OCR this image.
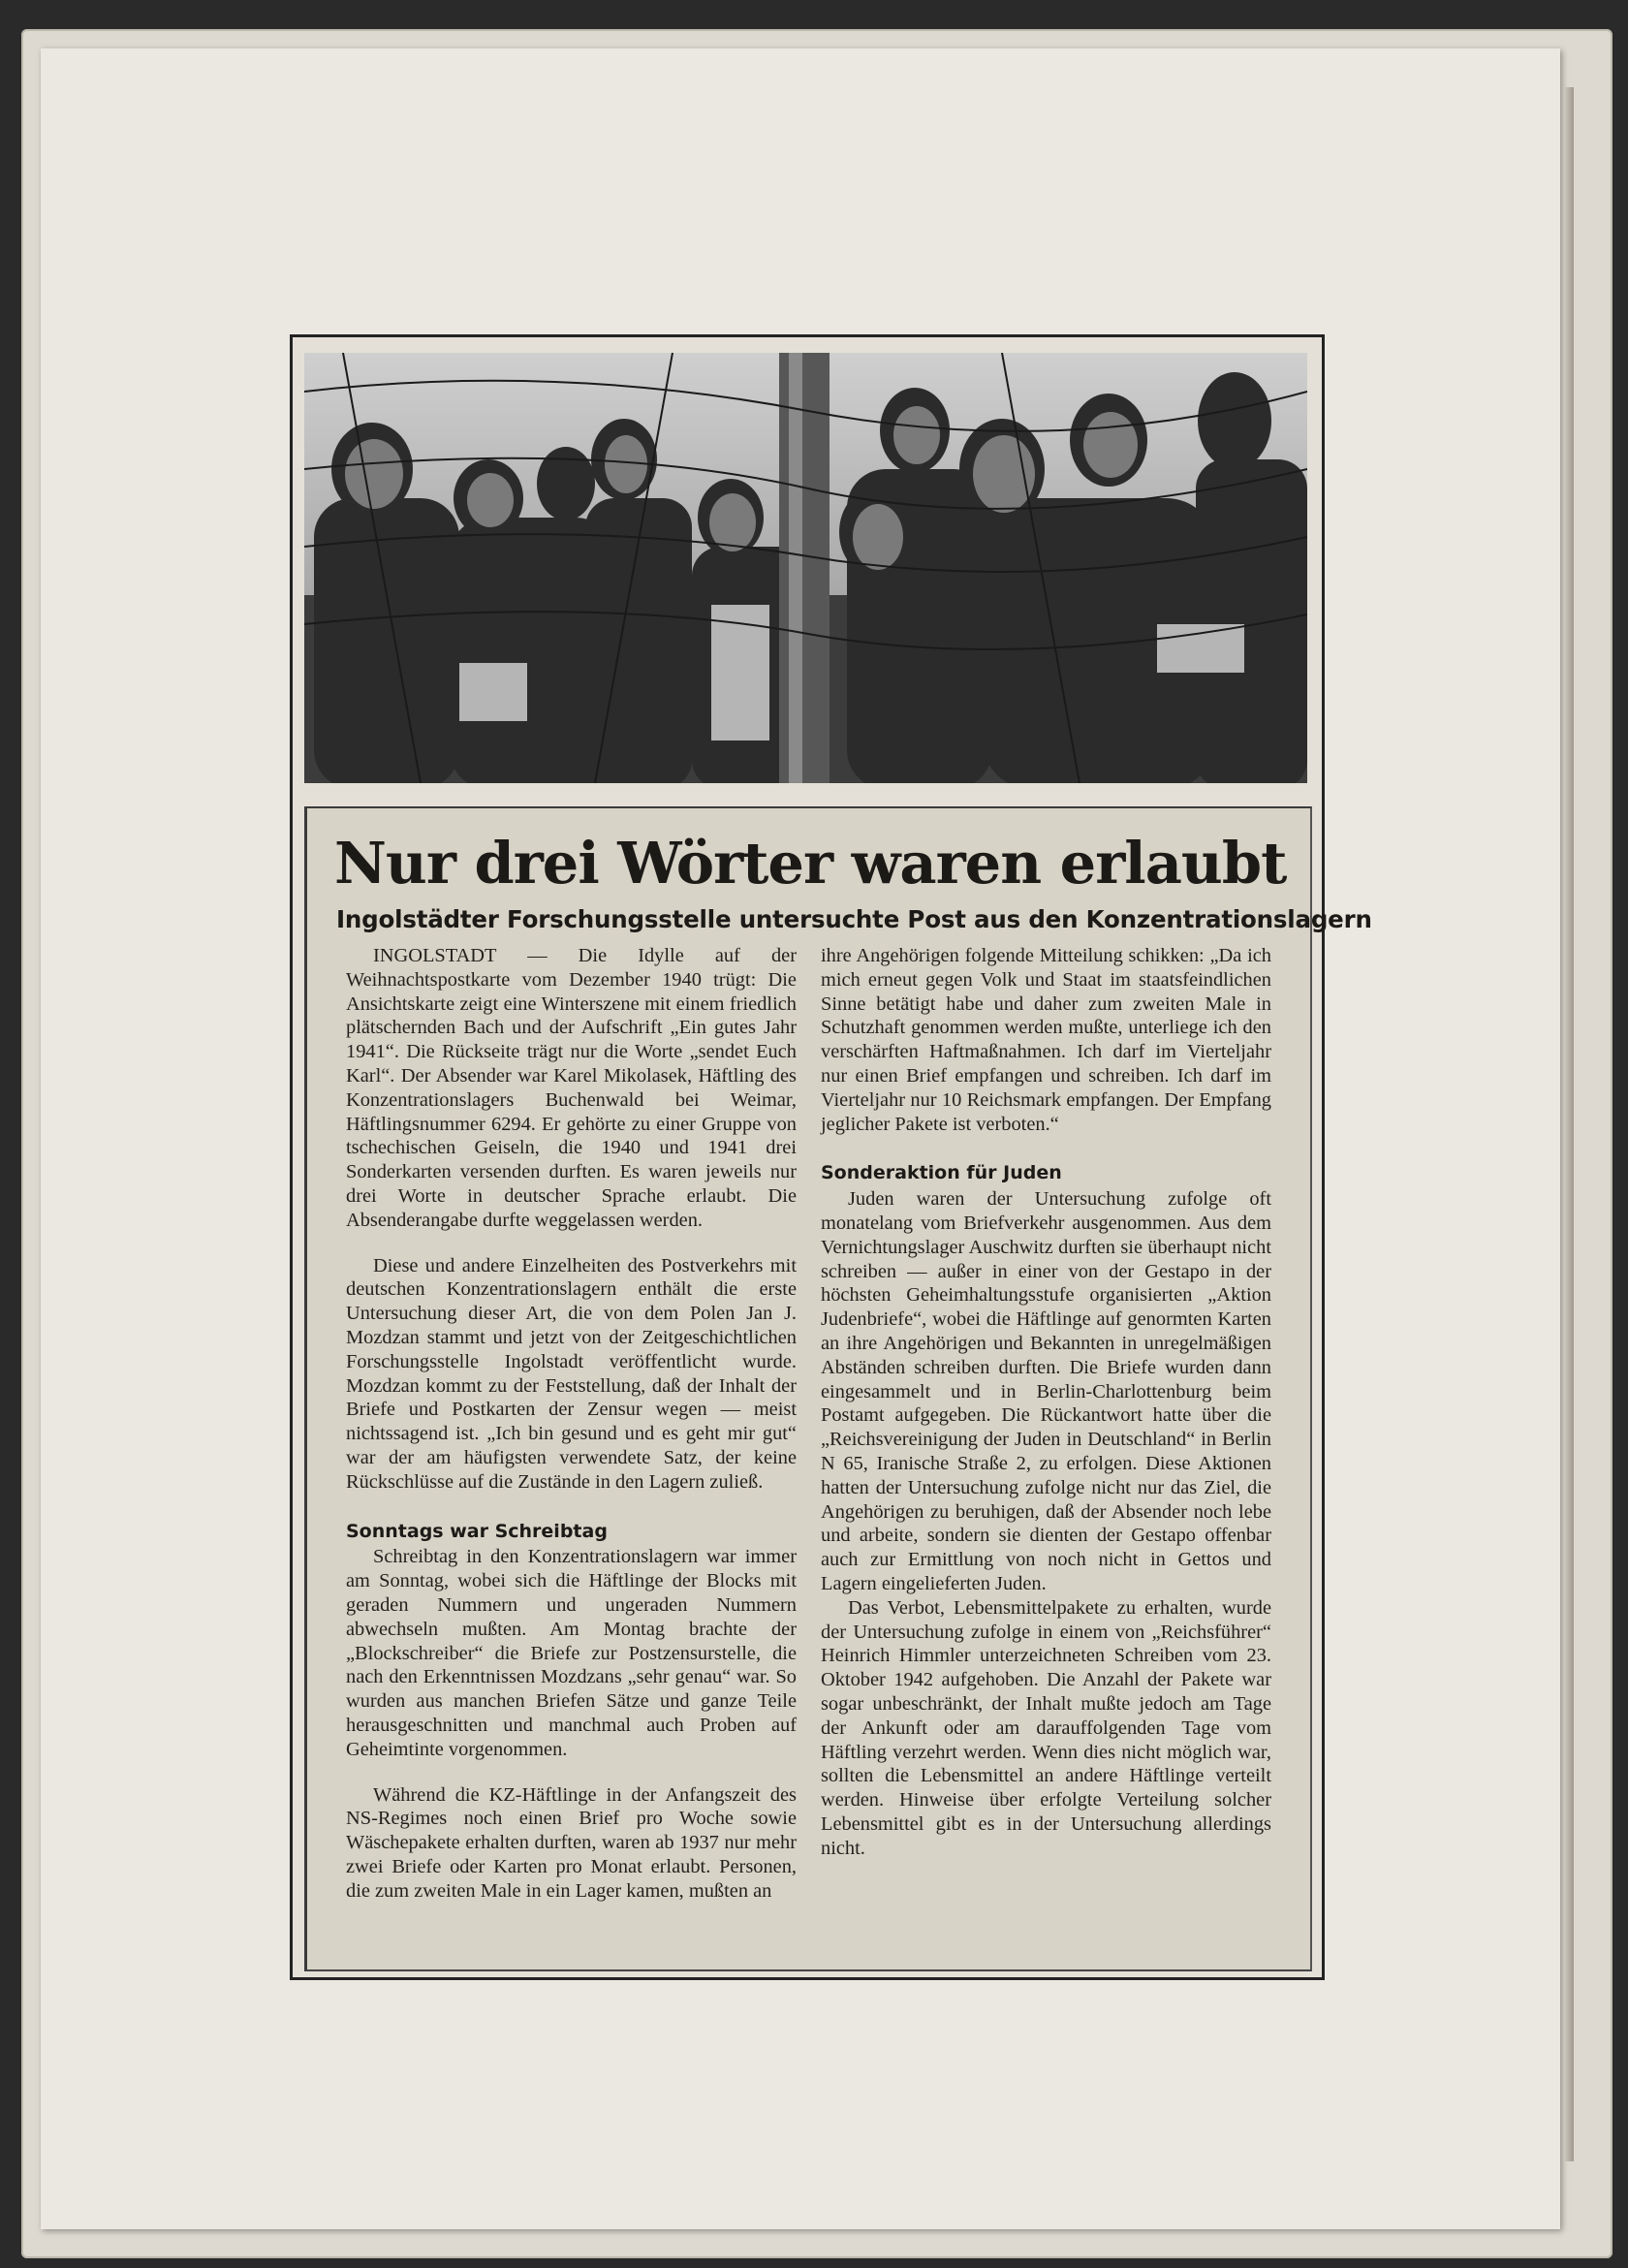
Nur drei Wörter waren erlaubt
Ingolstädter Forschungsstelle untersuchte Post aus den Konzentrationslagern

INGOLSTADT — Die Idylle auf der Weihnachtspostkarte vom Dezember 1940 trügt: Die Ansichtskarte zeigt eine Winterszene mit einem friedlich plätschernden Bach und der Aufschrift „Ein gutes Jahr 1941“. Die Rückseite trägt nur die Worte „sendet Euch Karl“. Der Absender war Karel Mikolasek, Häftling des Konzentrationslagers Buchenwald bei Weimar, Häftlingsnummer 6294. Er gehörte zu einer Gruppe von tschechischen Geiseln, die 1940 und 1941 drei Sonderkarten versenden durften. Es waren jeweils nur drei Worte in deutscher Sprache erlaubt. Die Absenderangabe durfte weggelassen werden.

Diese und andere Einzelheiten des Postverkehrs mit deutschen Konzentrationslagern enthält die erste Untersuchung dieser Art, die von dem Polen Jan J. Mozdzan stammt und jetzt von der Zeitgeschichtlichen Forschungsstelle Ingolstadt veröffentlicht wurde. Mozdzan kommt zu der Feststellung, daß der Inhalt der Briefe und Postkarten der Zensur wegen — meist nichtssagend ist. „Ich bin gesund und es geht mir gut“ war der am häufigsten verwendete Satz, der keine Rückschlüsse auf die Zustände in den Lagern zuließ.

Sonntags war Schreibtag

Schreibtag in den Konzentrationslagern war immer am Sonntag, wobei sich die Häftlinge der Blocks mit geraden Nummern und ungeraden Nummern abwechseln mußten. Am Montag brachte der „Blockschreiber“ die Briefe zur Postzensurstelle, die nach den Erkenntnissen Mozdzans „sehr genau“ war. So wurden aus manchen Briefen Sätze und ganze Teile herausgeschnitten und manchmal auch Proben auf Geheimtinte vorgenommen.

Während die KZ-Häftlinge in der Anfangszeit des NS-Regimes noch einen Brief pro Woche sowie Wäschepakete erhalten durften, waren ab 1937 nur mehr zwei Briefe oder Karten pro Monat erlaubt. Personen, die zum zweiten Male in ein Lager kamen, mußten an

ihre Angehörigen folgende Mitteilung schikken: „Da ich mich erneut gegen Volk und Staat im staatsfeindlichen Sinne betätigt habe und daher zum zweiten Male in Schutzhaft genommen werden mußte, unterliege ich den verschärften Haftmaßnahmen. Ich darf im Vierteljahr nur einen Brief empfangen und schreiben. Ich darf im Vierteljahr nur 10 Reichsmark empfangen. Der Empfang jeglicher Pakete ist verboten.“

Sonderaktion für Juden

Juden waren der Untersuchung zufolge oft monatelang vom Briefverkehr ausgenommen. Aus dem Vernichtungslager Auschwitz durften sie überhaupt nicht schreiben — außer in einer von der Gestapo in der höchsten Geheimhaltungsstufe organisierten „Aktion Judenbriefe“, wobei die Häftlinge auf genormten Karten an ihre Angehörigen und Bekannten in unregelmäßigen Abständen schreiben durften. Die Briefe wurden dann eingesammelt und in Berlin-Charlottenburg beim Postamt aufgegeben. Die Rückantwort hatte über die „Reichsvereinigung der Juden in Deutschland“ in Berlin N 65, Iranische Straße 2, zu erfolgen. Diese Aktionen hatten der Untersuchung zufolge nicht nur das Ziel, die Angehörigen zu beruhigen, daß der Absender noch lebe und arbeite, sondern sie dienten der Gestapo offenbar auch zur Ermittlung von noch nicht in Gettos und Lagern eingelieferten Juden.

Das Verbot, Lebensmittelpakete zu erhalten, wurde der Untersuchung zufolge in einem von „Reichsführer“ Heinrich Himmler unterzeichneten Schreiben vom 23. Oktober 1942 aufgehoben. Die Anzahl der Pakete war sogar unbeschränkt, der Inhalt mußte jedoch am Tage der Ankunft oder am darauffolgenden Tage vom Häftling verzehrt werden. Wenn dies nicht möglich war, sollten die Lebensmittel an andere Häftlinge verteilt werden. Hinweise über erfolgte Verteilung solcher Lebensmittel gibt es in der Untersuchung allerdings nicht.
